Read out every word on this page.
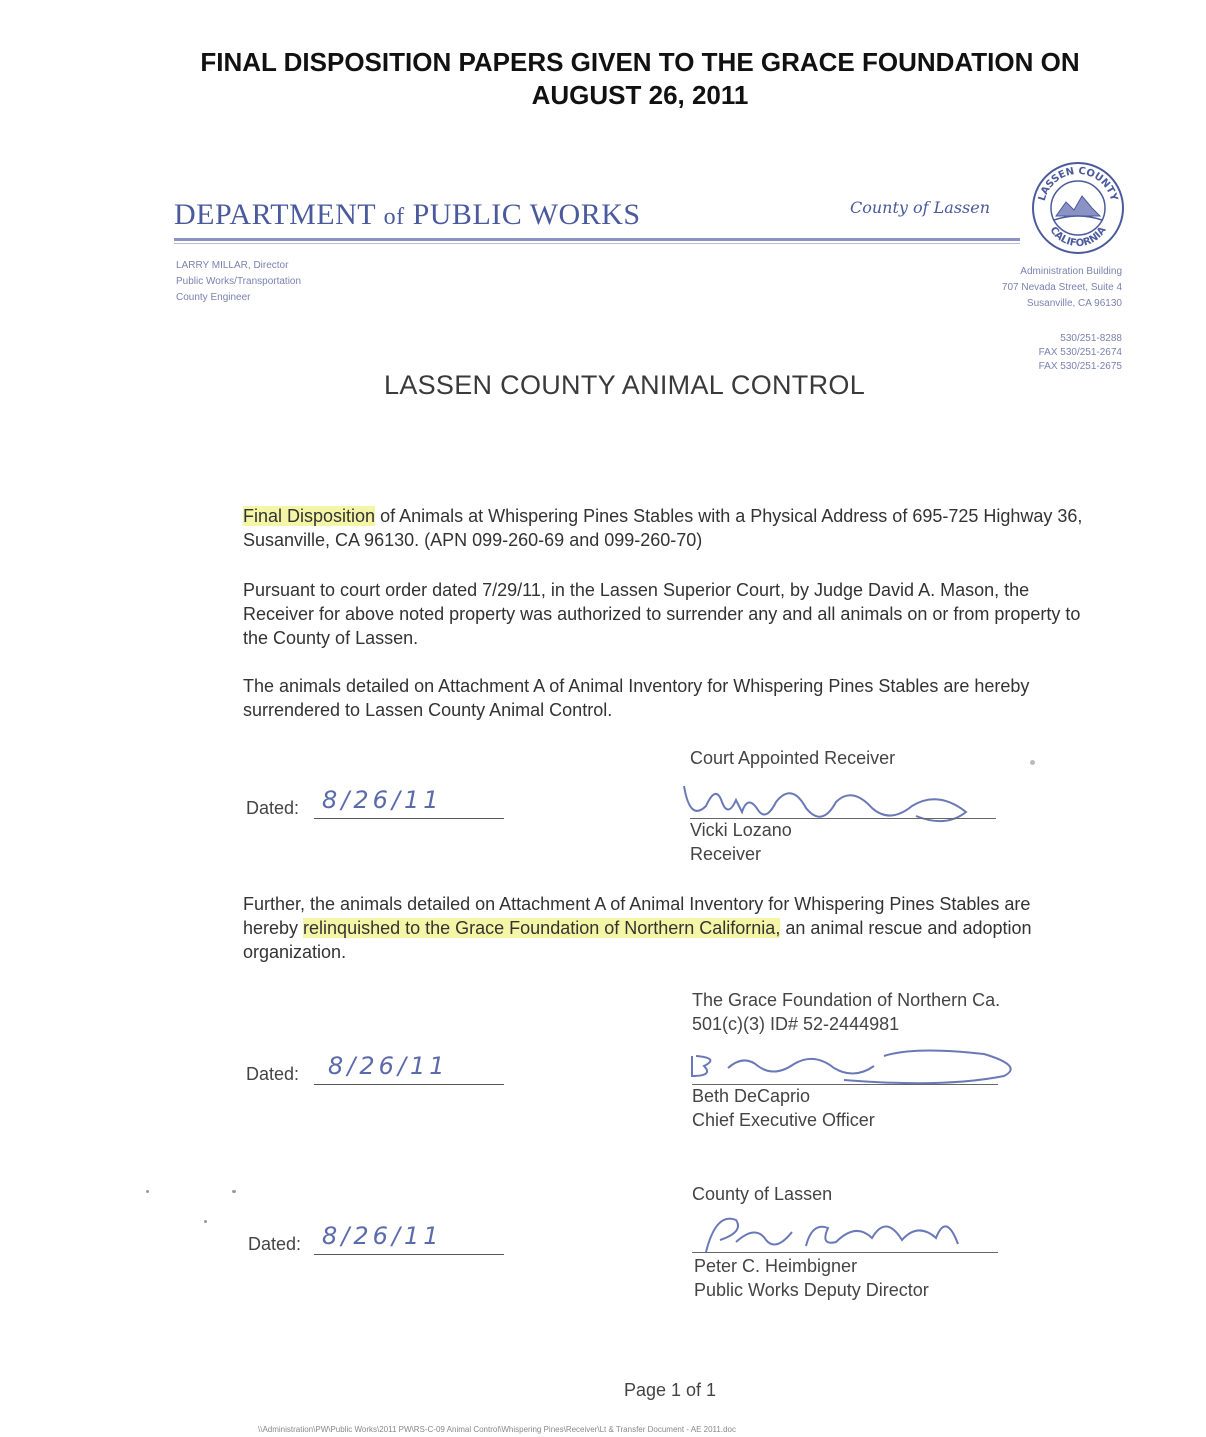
FINAL DISPOSITION PAPERS GIVEN TO THE GRACE FOUNDATION ON
AUGUST 26, 2011
DEPARTMENT of PUBLIC WORKS	County of Lassen
LASSEN COUNTY
CALIFORNIA
LARRY MILLAR, Director
Public Works/Transportation
County Engineer
Administration Building
707 Nevada Street, Suite 4
Susanville, CA 96130
530/251-8288
FAX 530/251-2674
FAX 530/251-2675
LASSEN COUNTY ANIMAL CONTROL
Final Disposition of Animals at Whispering Pines Stables with a Physical Address of 695-725 Highway 36, Susanville, CA 96130. (APN 099-260-69 and 099-260-70)
Pursuant to court order dated 7/29/11, in the Lassen Superior Court, by Judge David A. Mason, the Receiver for above noted property was authorized to surrender any and all animals on or from property to the County of Lassen.
The animals detailed on Attachment A of Animal Inventory for Whispering Pines Stables are hereby surrendered to Lassen County Animal Control.
Further, the animals detailed on Attachment A of Animal Inventory for Whispering Pines Stables are hereby relinquished to the Grace Foundation of Northern California, an animal rescue and adoption organization.
Court Appointed Receiver
Dated: 8/26/11
Vicki Lozano
Receiver
The Grace Foundation of Northern Ca.
501(c)(3) ID# 52-2444981
Dated: 8/26/11
Beth DeCaprio
Chief Executive Officer
County of Lassen
Dated: 8/26/11
Peter C. Heimbigner
Public Works Deputy Director
Page 1 of 1
\\Administration\PW\Public Works\2011 PW\RS-C-09 Animal Control\Whispering Pines\Receiver\Lt & Transfer Document - AE 2011.doc
